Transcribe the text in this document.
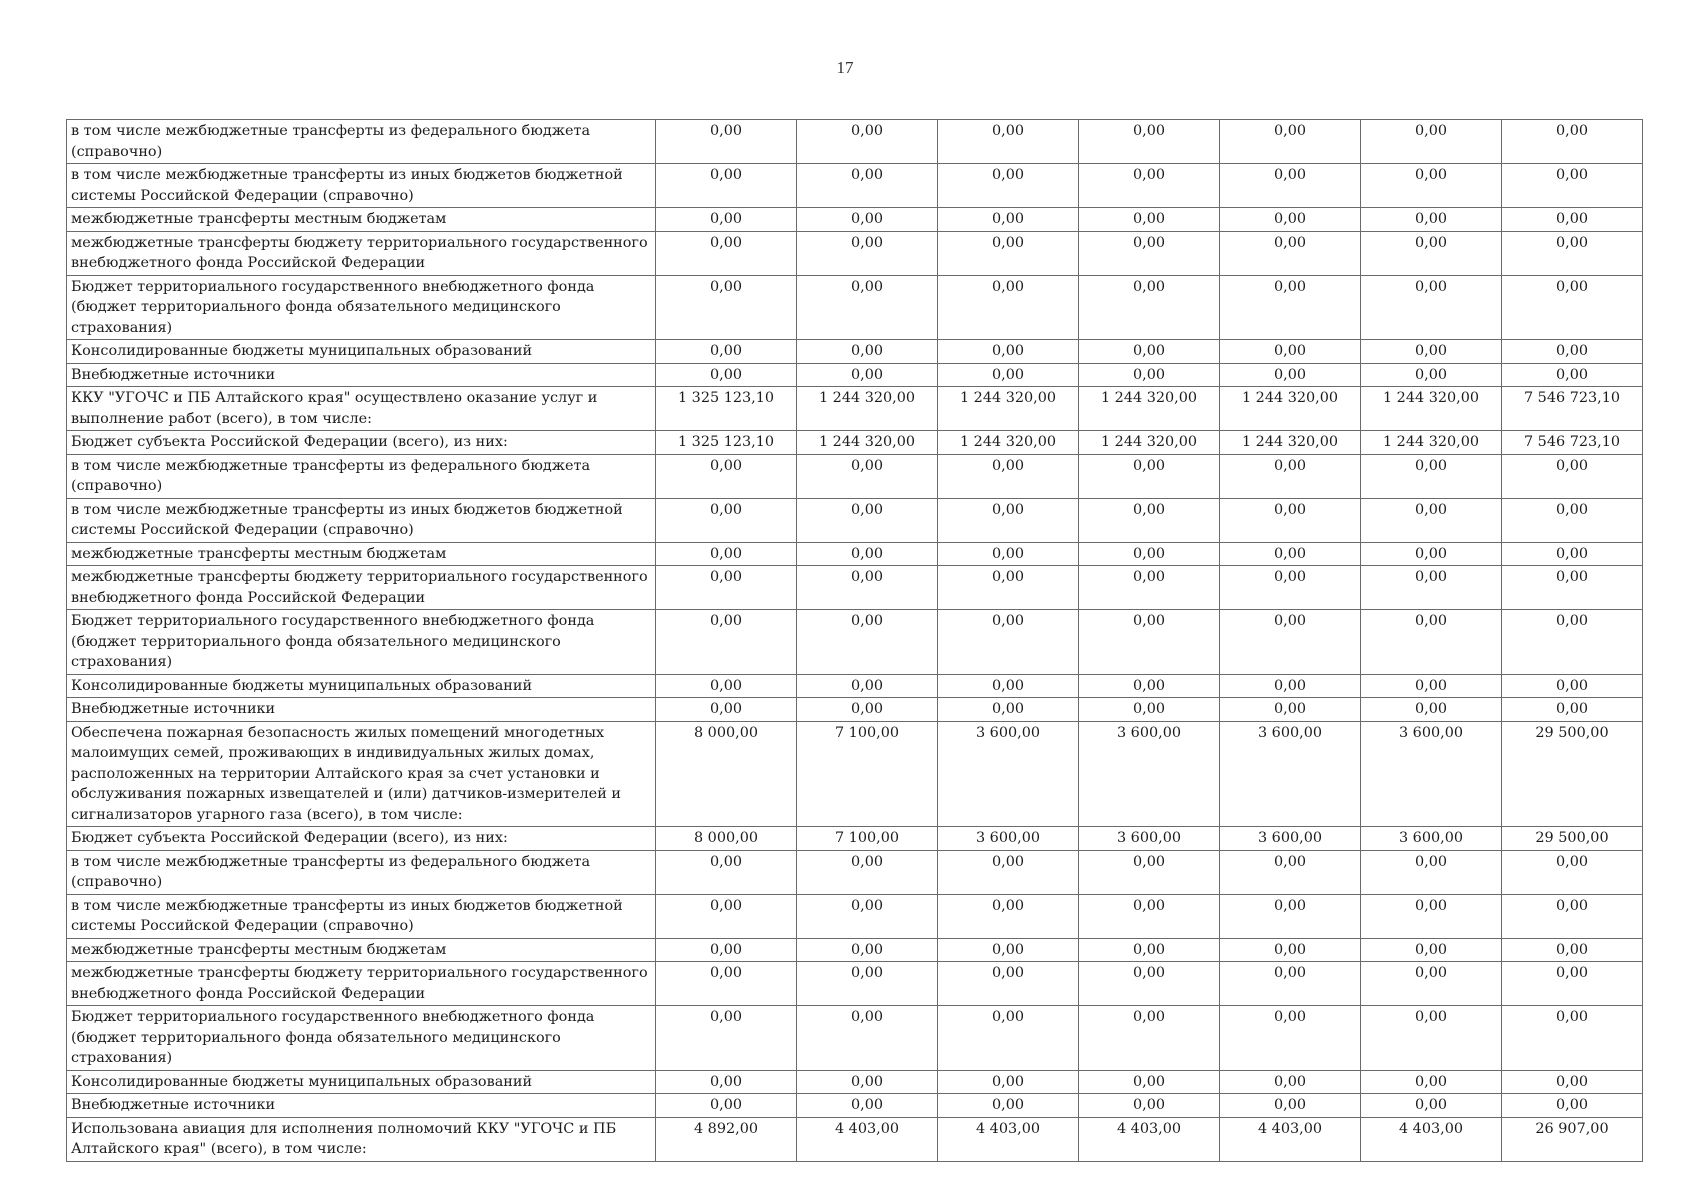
17
в том числе межбюджетные трансферты из федерального бюджета (справочно)	0,00	0,00	0,00	0,00	0,00	0,00	0,00
в том числе межбюджетные трансферты из иных бюджетов бюджетной системы Российской Федерации (справочно)	0,00	0,00	0,00	0,00	0,00	0,00	0,00
межбюджетные трансферты местным бюджетам	0,00	0,00	0,00	0,00	0,00	0,00	0,00
межбюджетные трансферты бюджету территориального государственного внебюджетного фонда Российской Федерации	0,00	0,00	0,00	0,00	0,00	0,00	0,00
Бюджет территориального государственного внебюджетного фонда (бюджет территориального фонда обязательного медицинского страхования)	0,00	0,00	0,00	0,00	0,00	0,00	0,00
Консолидированные бюджеты муниципальных образований	0,00	0,00	0,00	0,00	0,00	0,00	0,00
Внебюджетные источники	0,00	0,00	0,00	0,00	0,00	0,00	0,00
ККУ "УГОЧС и ПБ Алтайского края" осуществлено оказание услуг и выполнение работ (всего), в том числе:	1 325 123,10	1 244 320,00	1 244 320,00	1 244 320,00	1 244 320,00	1 244 320,00	7 546 723,10
Бюджет субъекта Российской Федерации (всего), из них:	1 325 123,10	1 244 320,00	1 244 320,00	1 244 320,00	1 244 320,00	1 244 320,00	7 546 723,10
в том числе межбюджетные трансферты из федерального бюджета (справочно)	0,00	0,00	0,00	0,00	0,00	0,00	0,00
в том числе межбюджетные трансферты из иных бюджетов бюджетной системы Российской Федерации (справочно)	0,00	0,00	0,00	0,00	0,00	0,00	0,00
межбюджетные трансферты местным бюджетам	0,00	0,00	0,00	0,00	0,00	0,00	0,00
межбюджетные трансферты бюджету территориального государственного внебюджетного фонда Российской Федерации	0,00	0,00	0,00	0,00	0,00	0,00	0,00
Бюджет территориального государственного внебюджетного фонда (бюджет территориального фонда обязательного медицинского страхования)	0,00	0,00	0,00	0,00	0,00	0,00	0,00
Консолидированные бюджеты муниципальных образований	0,00	0,00	0,00	0,00	0,00	0,00	0,00
Внебюджетные источники	0,00	0,00	0,00	0,00	0,00	0,00	0,00
Обеспечена пожарная безопасность жилых помещений многодетных малоимущих семей, проживающих в индивидуальных жилых домах, расположенных на территории Алтайского края за счет установки и обслуживания пожарных извещателей и (или) датчиков-измерителей и сигнализаторов угарного газа (всего), в том числе:	8 000,00	7 100,00	3 600,00	3 600,00	3 600,00	3 600,00	29 500,00
Бюджет субъекта Российской Федерации (всего), из них:	8 000,00	7 100,00	3 600,00	3 600,00	3 600,00	3 600,00	29 500,00
в том числе межбюджетные трансферты из федерального бюджета (справочно)	0,00	0,00	0,00	0,00	0,00	0,00	0,00
в том числе межбюджетные трансферты из иных бюджетов бюджетной системы Российской Федерации (справочно)	0,00	0,00	0,00	0,00	0,00	0,00	0,00
межбюджетные трансферты местным бюджетам	0,00	0,00	0,00	0,00	0,00	0,00	0,00
межбюджетные трансферты бюджету территориального государственного внебюджетного фонда Российской Федерации	0,00	0,00	0,00	0,00	0,00	0,00	0,00
Бюджет территориального государственного внебюджетного фонда (бюджет территориального фонда обязательного медицинского страхования)	0,00	0,00	0,00	0,00	0,00	0,00	0,00
Консолидированные бюджеты муниципальных образований	0,00	0,00	0,00	0,00	0,00	0,00	0,00
Внебюджетные источники	0,00	0,00	0,00	0,00	0,00	0,00	0,00
Использована авиация для исполнения полномочий ККУ "УГОЧС и ПБ Алтайского края" (всего), в том числе:	4 892,00	4 403,00	4 403,00	4 403,00	4 403,00	4 403,00	26 907,00
